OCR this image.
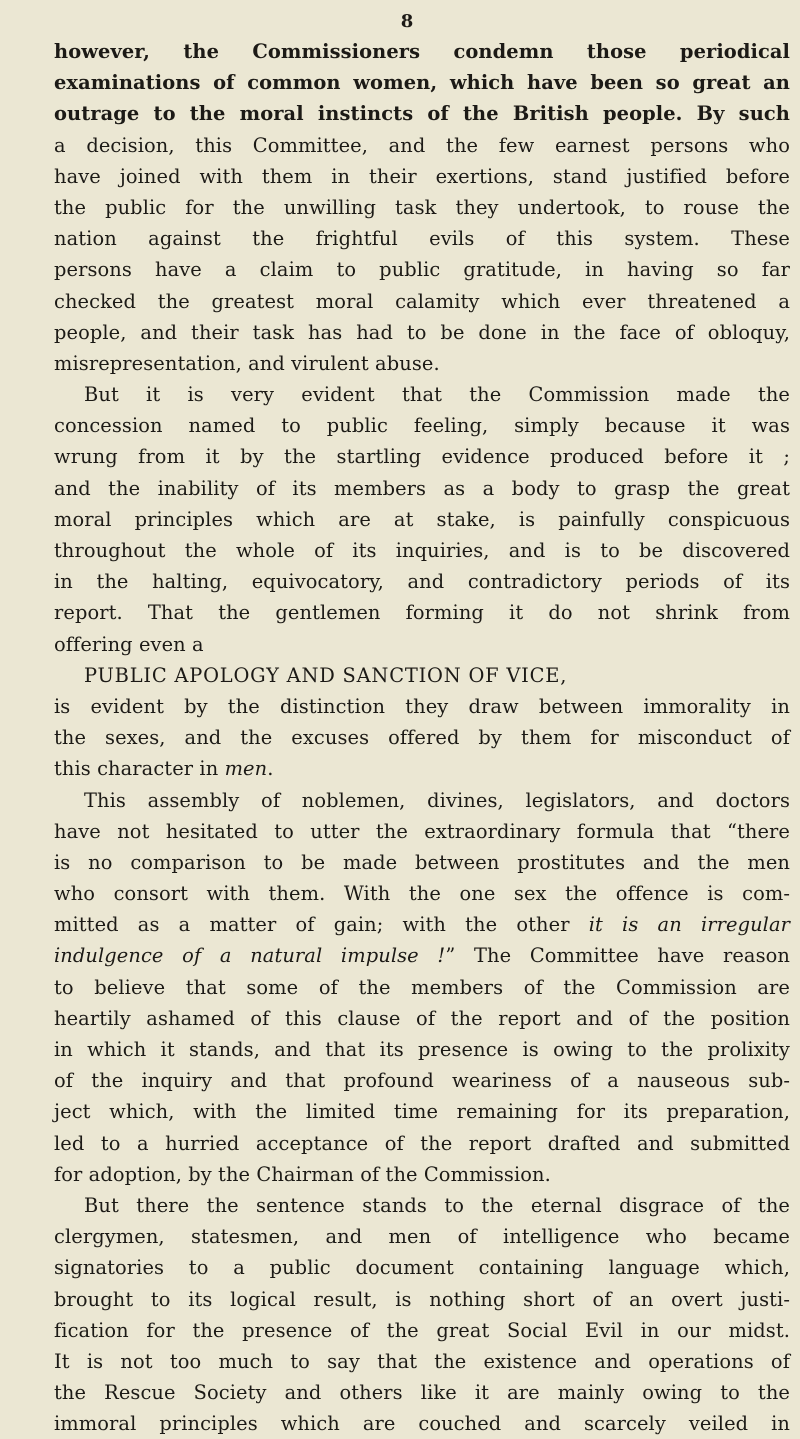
8
however, the Commissioners condemn those periodical
examinations of common women, which have been so great an
outrage to the moral instincts of the British people. By such
a decision, this Committee, and the few earnest persons who
have joined with them in their exertions, stand justified before
the public for the unwilling task they undertook, to rouse the
nation against the frightful evils of this system. These
persons have a claim to public gratitude, in having so far
checked the greatest moral calamity which ever threatened a
people, and their task has had to be done in the face of obloquy,
misrepresentation, and virulent abuse.
But it is very evident that the Commission made the
concession named to public feeling, simply because it was
wrung from it by the startling evidence produced before it ;
and the inability of its members as a body to grasp the great
moral principles which are at stake, is painfully conspicuous
throughout the whole of its inquiries, and is to be discovered
in the halting, equivocatory, and contradictory periods of its
report. That the gentlemen forming it do not shrink from
offering even a
PUBLIC APOLOGY AND SANCTION OF VICE,
is evident by the distinction they draw between immorality in
the sexes, and the excuses offered by them for misconduct of
this character in men.
This assembly of noblemen, divines, legislators, and doctors
have not hesitated to utter the extraordinary formula that “there
is no comparison to be made between prostitutes and the men
who consort with them. With the one sex the offence is com-
mitted as a matter of gain; with the other it is an irregular
indulgence of a natural impulse !” The Committee have reason
to believe that some of the members of the Commission are
heartily ashamed of this clause of the report and of the position
in which it stands, and that its presence is owing to the prolixity
of the inquiry and that profound weariness of a nauseous sub-
ject which, with the limited time remaining for its preparation,
led to a hurried acceptance of the report drafted and submitted
for adoption, by the Chairman of the Commission.
But there the sentence stands to the eternal disgrace of the
clergymen, statesmen, and men of intelligence who became
signatories to a public document containing language which,
brought to its logical result, is nothing short of an overt justi-
fication for the presence of the great Social Evil in our midst.
It is not too much to say that the existence and operations of
the Rescue Society and others like it are mainly owing to the
immoral principles which are couched and scarcely veiled in
